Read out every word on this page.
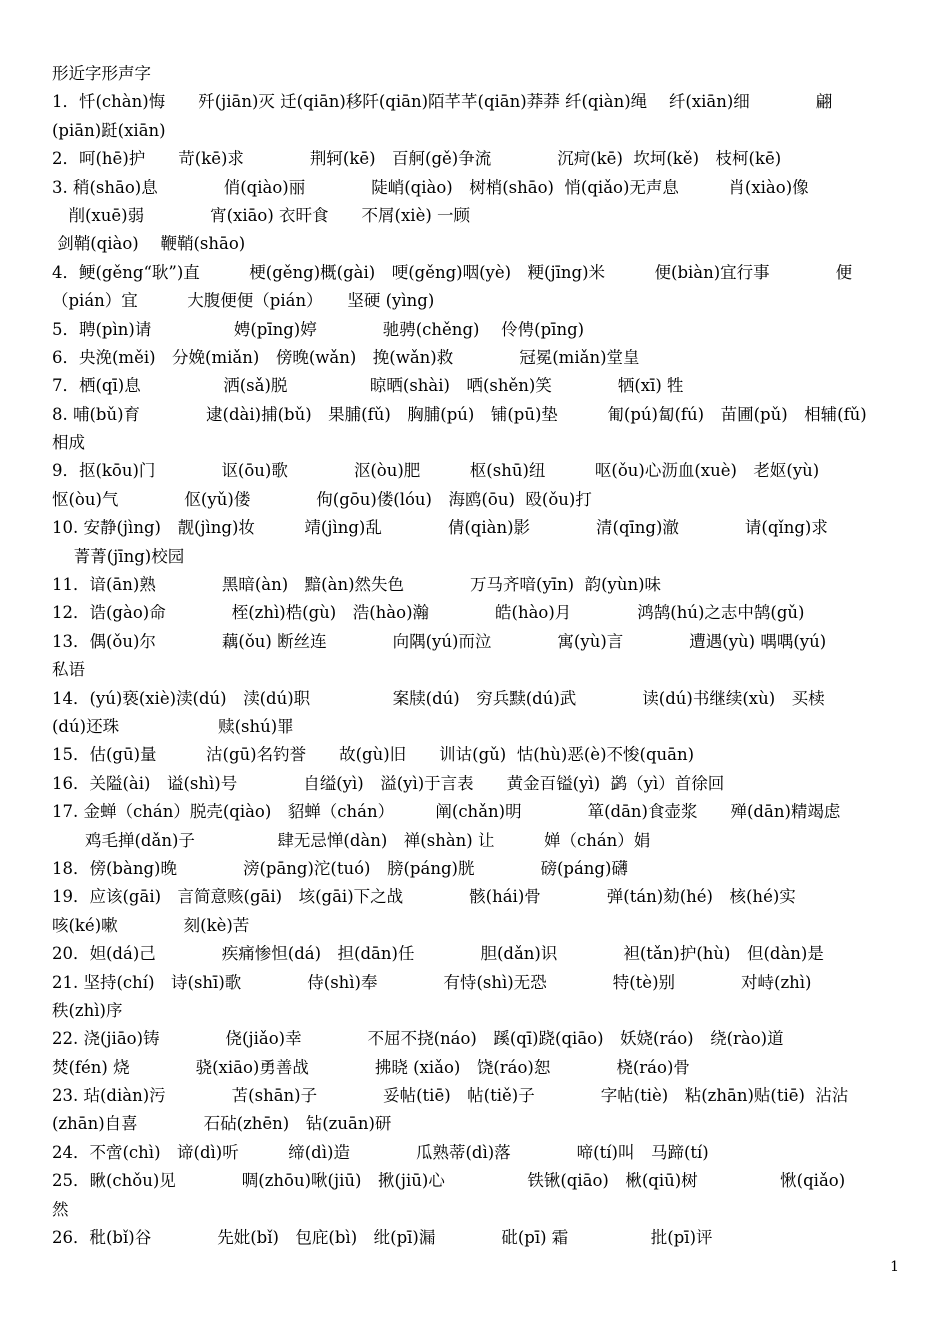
形近字形声字
1．忏(chàn)悔　　歼(jiān)灭 迁(qiān)移阡(qiān)陌芊芊(qiān)莽莽 纤(qiàn)绳　 纤(xiān)细　　　　翩
(piān)跹(xiān)
2．呵(hē)护　　苛(kē)求　　　　荆轲(kē)　百舸(gě)争流　　　　沉疴(kē)  坎坷(kě)　枝柯(kē)
3. 稍(shāo)息　　　　俏(qiào)丽　　　　陡峭(qiào)　树梢(shāo)  悄(qiǎo)无声息　　　肖(xiào)像
　削(xuē)弱　　　　宵(xiāo) 衣旰食　　不屑(xiè) 一顾
剑鞘(qiào)　 鞭鞘(shāo)
4．鲠(gěng“耿”)直　　　梗(gěng)概(gài)　哽(gěng)咽(yè)　粳(jīng)米　　　便(biàn)宜行事　　　　便
（pián）宜　　　大腹便便（pián）　　坚硬 (yìng)
5．聘(pìn)请　　　　　娉(pīng)婷　　　　驰骋(chěng)　 伶俜(pīng)
6．央浼(měi)　分娩(miǎn)　傍晚(wǎn)　挽(wǎn)救　　　　冠冕(miǎn)堂皇
7．栖(qī)息　　　　　洒(sǎ)脱　　　　　晾晒(shài)　哂(shěn)笑　　　　牺(xī) 牲
8. 哺(bǔ)育　　　　逮(dài)捕(bǔ)　果脯(fǔ)　胸脯(pú)　铺(pū)垫　　　匍(pú)匐(fú)　苗圃(pǔ)　相辅(fǔ)
相成
9．抠(kōu)门　　　　讴(ōu)歌　　　　沤(òu)肥　　　枢(shū)纽　　　呕(ǒu)心沥血(xuè)　老妪(yù)
怄(òu)气　　　　伛(yǔ)偻　　　　佝(gōu)偻(lóu)　海鸥(ōu)  殴(ǒu)打
10. 安静(jìng)　靓(jìng)妆　　　靖(jìng)乱　　　　倩(qiàn)影　　　　清(qīng)澈　　　　请(qǐng)求
　 菁菁(jīng)校园
11．谙(ān)熟　　　　黑暗(àn)　黯(àn)然失色　　　　万马齐喑(yīn)  韵(yùn)味
12．诰(gào)命　　　　桎(zhì)梏(gù)　浩(hào)瀚　　　　皓(hào)月　　　　鸿鹄(hú)之志中鹄(gǔ)
13．偶(ǒu)尔　　　　藕(ǒu) 断丝连　　　　向隅(yú)而泣　　　　寓(yù)言　　　　遭遇(yù) 喁喁(yú)
私语
14．(yú)亵(xiè)渎(dú)　渎(dú)职　　　　　案牍(dú)　穷兵黩(dú)武　　　　读(dú)书继续(xù)　买椟
(dú)还珠　　　　　　赎(shú)罪
15．估(gū)量　　　沽(gū)名钓誉　　故(gù)旧　　训诂(gǔ)  怙(hù)恶(è)不悛(quān)
16．关隘(ài)　谥(shì)号　　　　自缢(yì)　溢(yì)于言表　　黄金百镒(yì)  鹢（yì）首徐回
17. 金蝉（chán）脱壳(qiào)　貂蝉（chán）　　　阐(chǎn)明　　　　箪(dān)食壶浆　　殚(dān)精竭虑
　　鸡毛掸(dǎn)子　　　　　肆无忌惮(dàn)　禅(shàn) 让　　　婵（chán）娟
18．傍(bàng)晚　　　　滂(pāng)沱(tuó)　膀(páng)胱　　　　磅(páng)礴
19．应该(gāi)　言简意赅(gāi)　垓(gāi)下之战　　　　骸(hái)骨　　　　弹(tán)劾(hé)　核(hé)实
咳(ké)嗽　　　　刻(kè)苦
20．妲(dá)己　　　　疾痛惨怛(dá)　担(dān)任　　　　胆(dǎn)识　　　　袒(tǎn)护(hù)　但(dàn)是
21. 坚持(chí)　诗(shī)歌　　　　侍(shì)奉　　　　有恃(shì)无恐　　　　特(tè)别　　　　对峙(zhì)
秩(zhì)序
22. 浇(jiāo)铸　　　　侥(jiǎo)幸　　　　不屈不挠(náo)　蹊(qī)跷(qiāo)　妖娆(ráo)　绕(rào)道
焚(fén) 烧　　　　骁(xiāo)勇善战　　　　拂晓 (xiǎo)　饶(ráo)恕　　　　桡(ráo)骨
23. 玷(diàn)污　　　　苫(shān)子　　　　妥帖(tiē)　帖(tiě)子　　　　字帖(tiè)　粘(zhān)贴(tiē)  沾沾
(zhān)自喜　　　　石砧(zhēn)　钻(zuān)研
24．不啻(chì)　谛(dì)听　　　缔(dì)造　　　　瓜熟蒂(dì)落　　　　啼(tí)叫　马蹄(tí)
25．瞅(chǒu)见　　　　啁(zhōu)啾(jiū)　揪(jiū)心　　　　　铁锹(qiāo)　楸(qiū)树　　　　　愀(qiǎo)
然
26．秕(bǐ)谷　　　　先妣(bǐ)　包庇(bì)　纰(pī)漏　　　　砒(pī) 霜　　　　　批(pī)评
1
